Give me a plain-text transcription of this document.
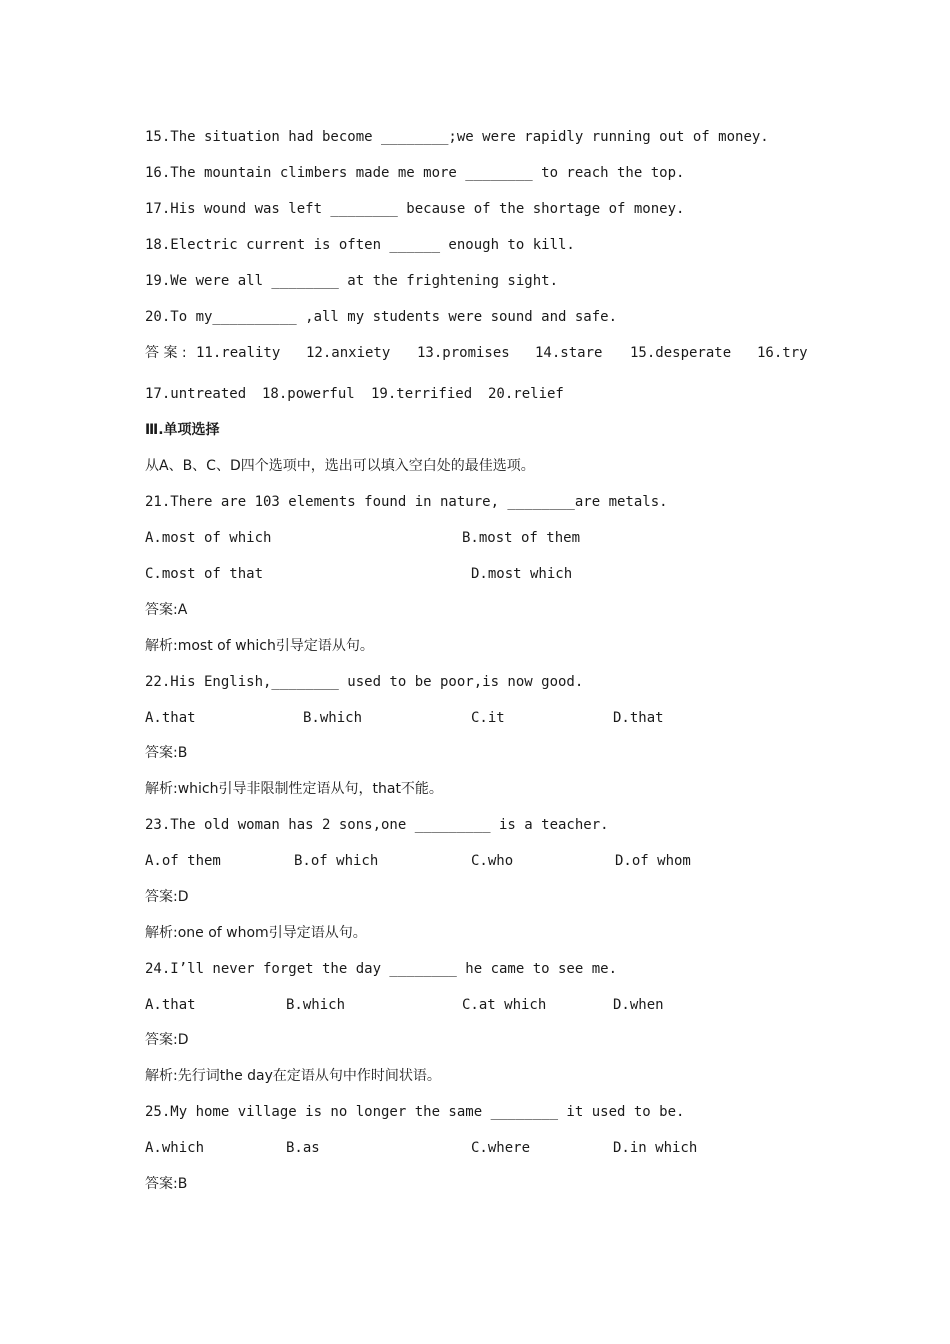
15.The situation had become ________;we were rapidly running out of money.
16.The mountain climbers made me more ________ to reach the top.
17.His wound was left ________ because of the shortage of money.
18.Electric current is often ______ enough to kill.
19.We were all ________ at the frightening sight.
20.To my__________ ,all my students were sound and safe.
答 案 : 11.reality 12.anxiety 13.promises 14.stare 15.desperate 16.try
17.untreated 18.powerful 19.terrified 20.relief
Ⅲ.单项选择
从A、B、C、D四个选项中，选出可以填入空白处的最佳选项。
21.There are 103 elements found in nature, ________are metals.
A.most of which	B.most of them
C.most of that	D.most which
答案:A
解析:most of which引导定语从句。
22.His English,________ used to be poor,is now good.
A.that	B.which	C.it	D.that
答案:B
解析:which引导非限制性定语从句，that不能。
23.The old woman has 2 sons,one _________ is a teacher.
A.of them	B.of which	C.who	D.of whom
答案:D
解析:one of whom引导定语从句。
24.I’ll never forget the day ________ he came to see me.
A.that	B.which	C.at which	D.when
答案:D
解析:先行词the day在定语从句中作时间状语。
25.My home village is no longer the same ________ it used to be.
A.which	B.as	C.where	D.in which
答案:B
